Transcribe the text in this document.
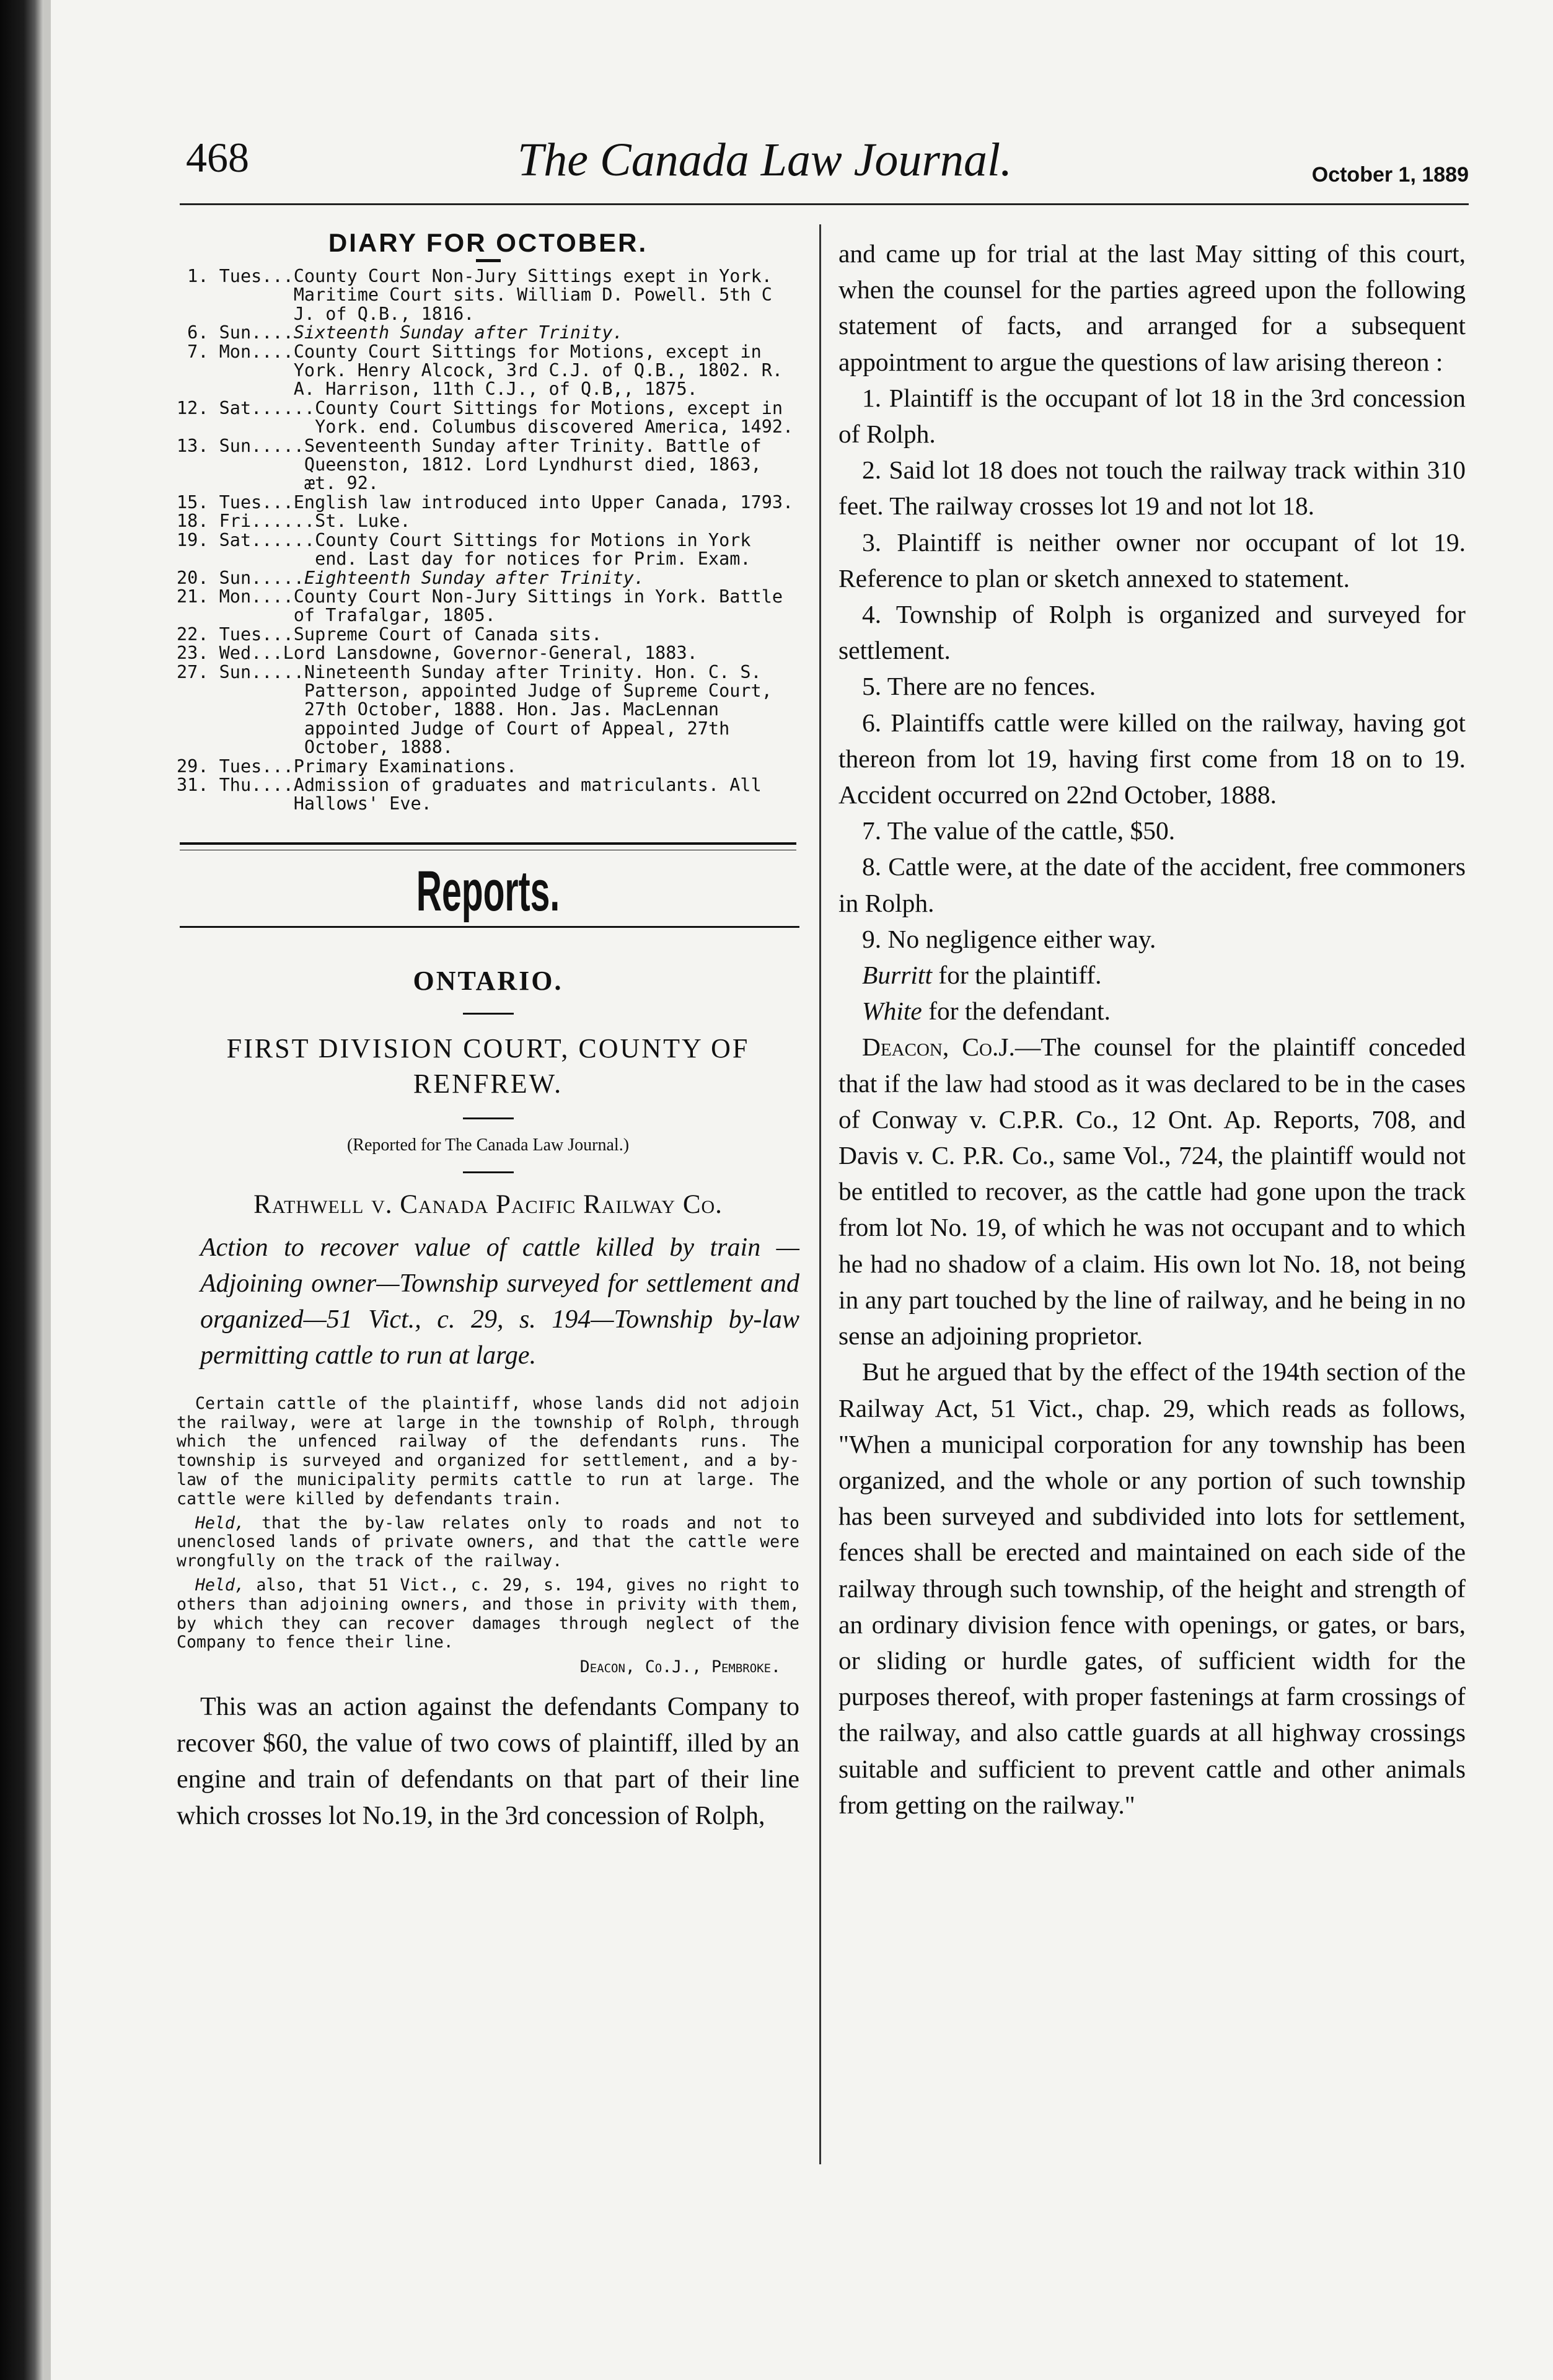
468	The Canada Law Journal.	October 1, 1889
DIARY FOR OCTOBER.
1. Tues... County Court Non-Jury Sittings exept in York. Maritime Court sits. William D. Powell. 5th C J. of Q.B., 1816.
6. Sun.... Sixteenth Sunday after Trinity.
7. Mon.... County Court Sittings for Motions, except in York. Henry Alcock, 3rd C.J. of Q.B., 1802. R. A. Harrison, 11th C.J., of Q.B,, 1875.
12. Sat...... County Court Sittings for Motions, except in York. end. Columbus discovered America, 1492.
13. Sun..... Seventeenth Sunday after Trinity. Battle of Queenston, 1812. Lord Lyndhurst died, 1863, æt. 92.
15. Tues... English law introduced into Upper Canada, 1793.
18. Fri...... St. Luke.
19. Sat...... County Court Sittings for Motions in York end. Last day for notices for Prim. Exam.
20. Sun..... Eighteenth Sunday after Trinity.
21. Mon.... County Court Non-Jury Sittings in York. Battle of Trafalgar, 1805.
22. Tues... Supreme Court of Canada sits.
23. Wed... Lord Lansdowne, Governor-General, 1883.
27. Sun..... Nineteenth Sunday after Trinity. Hon. C. S. Patterson, appointed Judge of Supreme Court, 27th October, 1888. Hon. Jas. MacLennan appointed Judge of Court of Appeal, 27th October, 1888.
29. Tues... Primary Examinations.
31. Thu.... Admission of graduates and matriculants. All Hallows' Eve.
Reports.
ONTARIO.
FIRST DIVISION COURT, COUNTY OF RENFREW.

(Reported for The Canada Law Journal.)

Rathwell v. Canada Pacific Railway Co.

Action to recover value of cattle killed by train —Adjoining owner—Township surveyed for settlement and organized—51 Vict., c. 29, s. 194—Township by-law permitting cattle to run at large.

Certain cattle of the plaintiff, whose lands did not adjoin the railway, were at large in the township of Rolph, through which the unfenced railway of the defendants runs. The township is surveyed and organized for settlement, and a by-law of the municipality permits cattle to run at large. The cattle were killed by defendants train.

Held, that the by-law relates only to roads and not to unenclosed lands of private owners, and that the cattle were wrongfully on the track of the railway.

Held, also, that 51 Vict., c. 29, s. 194, gives no right to others than adjoining owners, and those in privity with them, by which they can recover damages through neglect of the Company to fence their line.

Deacon, Co.J., Pembroke.

This was an action against the defendants Company to recover $60, the value of two cows of plaintiff, illed by an engine and train of defendants on that part of their line which crosses lot No.19, in the 3rd concession of Rolph,

and came up for trial at the last May sitting of this court, when the counsel for the parties agreed upon the following statement of facts, and arranged for a subsequent appointment to argue the questions of law arising thereon :

1. Plaintiff is the occupant of lot 18 in the 3rd concession of Rolph.

2. Said lot 18 does not touch the railway track within 310 feet. The railway crosses lot 19 and not lot 18.

3. Plaintiff is neither owner nor occupant of lot 19. Reference to plan or sketch annexed to statement.

4. Township of Rolph is organized and surveyed for settlement.

5. There are no fences.

6. Plaintiffs cattle were killed on the railway, having got thereon from lot 19, having first come from 18 on to 19. Accident occurred on 22nd October, 1888.

7. The value of the cattle, $50.

8. Cattle were, at the date of the accident, free commoners in Rolph.

9. No negligence either way.

Burritt for the plaintiff.

White for the defendant.

Deacon, Co.J.—The counsel for the plaintiff conceded that if the law had stood as it was declared to be in the cases of Conway v. C.P.R. Co., 12 Ont. Ap. Reports, 708, and Davis v. C. P.R. Co., same Vol., 724, the plaintiff would not be entitled to recover, as the cattle had gone upon the track from lot No. 19, of which he was not occupant and to which he had no shadow of a claim. His own lot No. 18, not being in any part touched by the line of railway, and he being in no sense an adjoining proprietor.

But he argued that by the effect of the 194th section of the Railway Act, 51 Vict., chap. 29, which reads as follows, "When a municipal corporation for any township has been organized, and the whole or any portion of such township has been surveyed and subdivided into lots for settlement, fences shall be erected and maintained on each side of the railway through such township, of the height and strength of an ordinary division fence with openings, or gates, or bars, or sliding or hurdle gates, of sufficient width for the purposes thereof, with proper fastenings at farm crossings of the railway, and also cattle guards at all highway crossings suitable and sufficient to prevent cattle and other animals from getting on the railway."
